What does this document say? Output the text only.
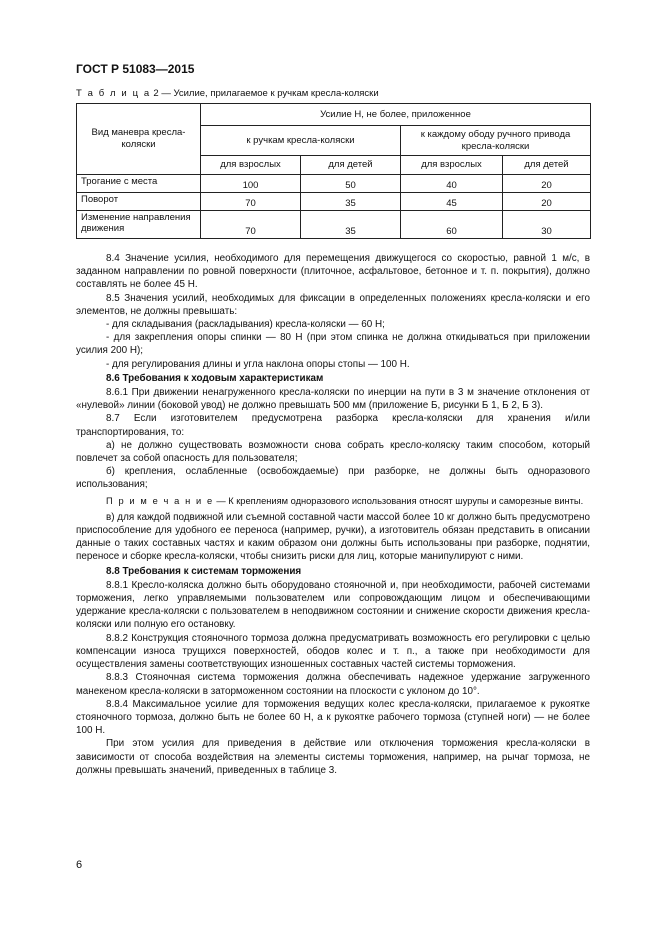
ГОСТ Р 51083—2015
Т а б л и ц а 2 — Усилие, прилагаемое к ручкам кресла-коляски
Вид маневра кресла-коляски	Усилие Н, не более, приложенное			
	к ручкам кресла-коляски		к каждому ободу ручного привода кресла-коляски	
	для взрослых	для детей	для взрослых	для детей
Трогание с места	100	50	40	20
Поворот	70	35	45	20
Изменение направления движения	70	35	60	30

8.4 Значение усилия, необходимого для перемещения движущегося со скоростью, равной 1 м/с, в заданном направлении по ровной поверхности (плиточное, асфальтовое, бетонное и т. п. покрытия), должно составлять не более 45 Н.

8.5 Значения усилий, необходимых для фиксации в определенных положениях кресла-коляски и его элементов, не должны превышать:

- для складывания (раскладывания) кресла-коляски — 60 Н;

- для закрепления опоры спинки — 80 Н (при этом спинка не должна откидываться при приложении усилия 200 Н);

- для регулирования длины и угла наклона опоры стопы — 100 Н.

8.6 Требования к ходовым характеристикам

8.6.1 При движении ненагруженного кресла-коляски по инерции на пути в 3 м значение отклонения от «нулевой» линии (боковой увод) не должно превышать 500 мм (приложение Б, рисунки Б 1, Б 2, Б 3).

8.7 Если изготовителем предусмотрена разборка кресла-коляски для хранения и/или транспортирования, то:

а) не должно существовать возможности снова собрать кресло-коляску таким способом, который повлечет за собой опасность для пользователя;

б) крепления, ослабленные (освобождаемые) при разборке, не должны быть одноразового использования;

П р и м е ч а н и е — К креплениям одноразового использования относят шурупы и саморезные винты.

в) для каждой подвижной или съемной составной части массой более 10 кг должно быть предусмотрено приспособление для удобного ее переноса (например, ручки), а изготовитель обязан представить в описании данные о таких составных частях и каким образом они должны быть использованы при разборке, поднятии, переносе и сборке кресла-коляски, чтобы снизить риски для лиц, которые манипулируют с ними.

8.8 Требования к системам торможения

8.8.1 Кресло-коляска должно быть оборудовано стояночной и, при необходимости, рабочей системами торможения, легко управляемыми пользователем или сопровождающим лицом и обеспечивающими удержание кресла-коляски с пользователем в неподвижном состоянии и снижение скорости движения кресла-коляски или полную его остановку.

8.8.2 Конструкция стояночного тормоза должна предусматривать возможность его регулировки с целью компенсации износа трущихся поверхностей, ободов колес и т. п., а также при необходимости для осуществления замены соответствующих изношенных составных частей системы торможения.

8.8.3 Стояночная система торможения должна обеспечивать надежное удержание загруженного манекеном кресла-коляски в заторможенном состоянии на плоскости с уклоном до 10°.

8.8.4 Максимальное усилие для торможения ведущих колес кресла-коляски, прилагаемое к рукоятке стояночного тормоза, должно быть не более 60 Н, а к рукоятке рабочего тормоза (ступней ноги) — не более 100 Н.

При этом усилия для приведения в действие или отключения торможения кресла-коляски в зависимости от способа воздействия на элементы системы торможения, например, на рычаг тормоза, не должны превышать значений, приведенных в таблице 3.

6
